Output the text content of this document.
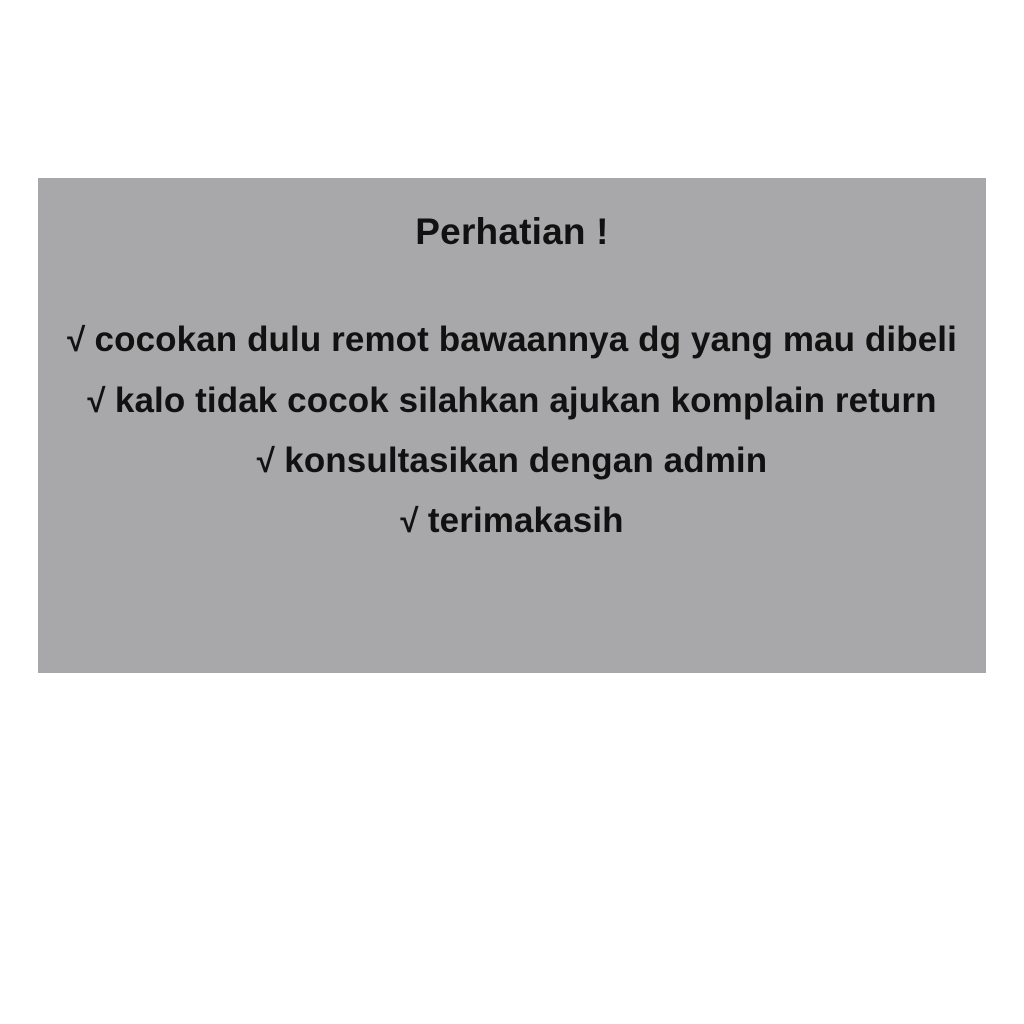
Perhatian !
√ cocokan dulu remot bawaannya dg yang mau dibeli
√ kalo tidak cocok silahkan ajukan komplain return
√ konsultasikan dengan admin
√ terimakasih
